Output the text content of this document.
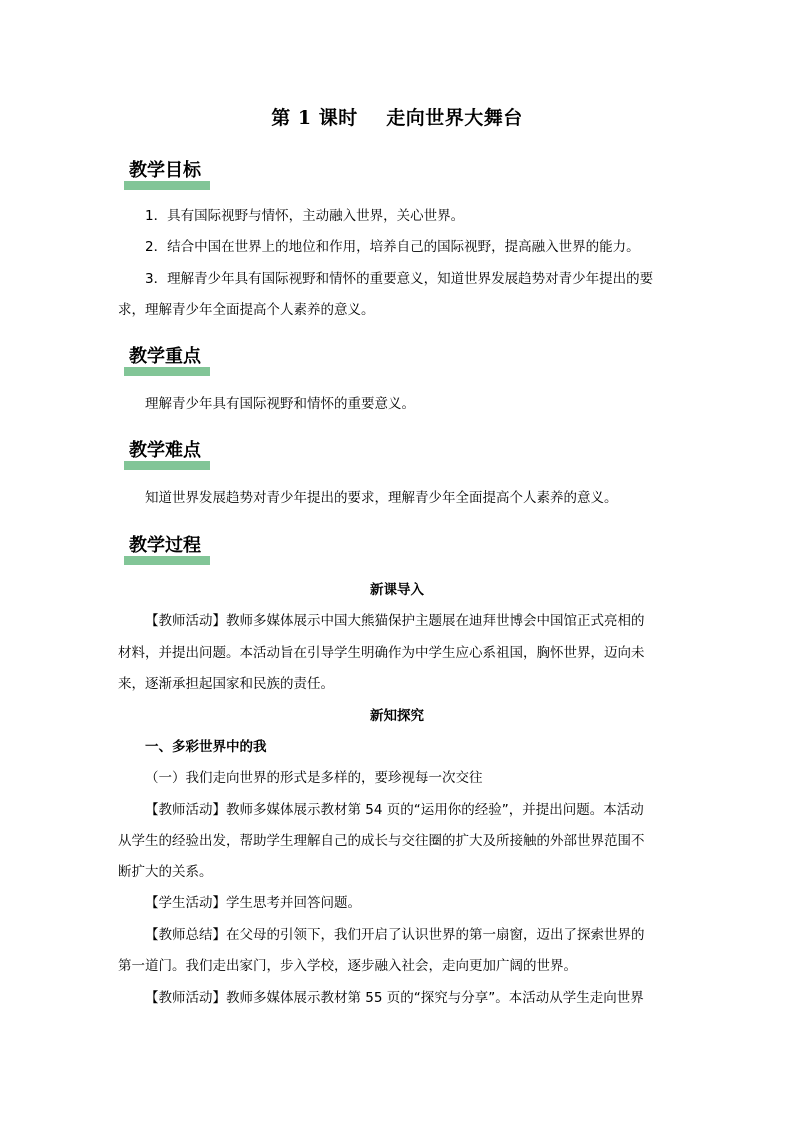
第 1 课时    走向世界大舞台
教学目标
1．具有国际视野与情怀，主动融入世界，关心世界。
2．结合中国在世界上的地位和作用，培养自己的国际视野，提高融入世界的能力。
3．理解青少年具有国际视野和情怀的重要意义，知道世界发展趋势对青少年提出的要
求，理解青少年全面提高个人素养的意义。
教学重点
理解青少年具有国际视野和情怀的重要意义。
教学难点
知道世界发展趋势对青少年提出的要求，理解青少年全面提高个人素养的意义。
教学过程
新课导入
【教师活动】教师多媒体展示中国大熊猫保护主题展在迪拜世博会中国馆正式亮相的
材料，并提出问题。本活动旨在引导学生明确作为中学生应心系祖国，胸怀世界，迈向未
来，逐渐承担起国家和民族的责任。
新知探究
一、多彩世界中的我
（一）我们走向世界的形式是多样的，要珍视每一次交往
【教师活动】教师多媒体展示教材第 54 页的“运用你的经验”，并提出问题。本活动
从学生的经验出发，帮助学生理解自己的成长与交往圈的扩大及所接触的外部世界范围不
断扩大的关系。
【学生活动】学生思考并回答问题。
【教师总结】在父母的引领下，我们开启了认识世界的第一扇窗，迈出了探索世界的
第一道门。我们走出家门，步入学校，逐步融入社会，走向更加广阔的世界。
【教师活动】教师多媒体展示教材第 55 页的“探究与分享”。本活动从学生走向世界
